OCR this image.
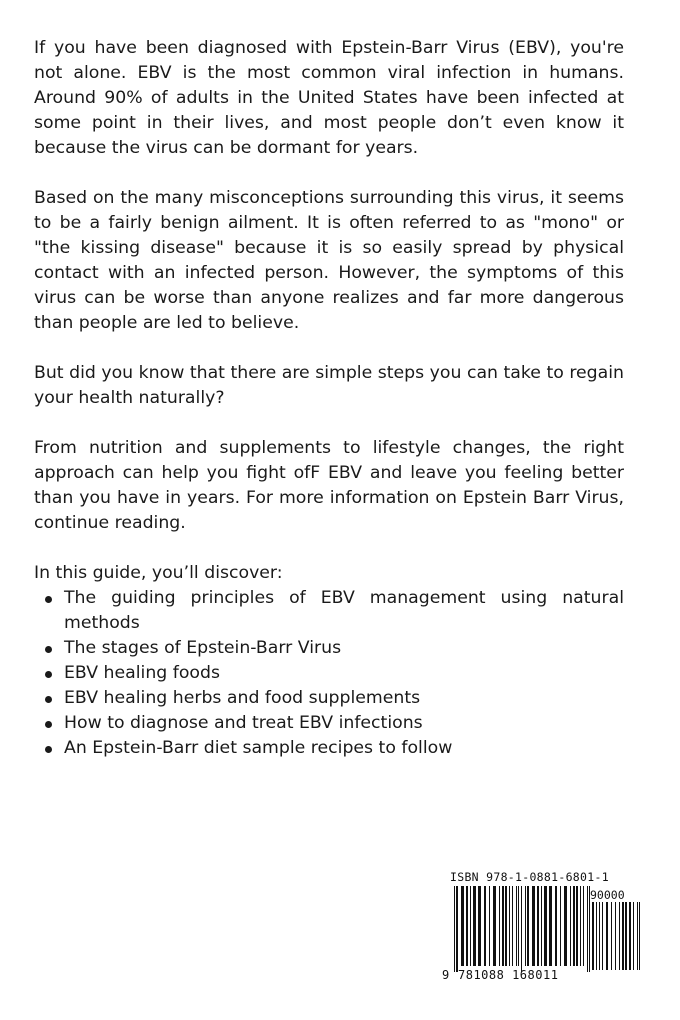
If you have been diagnosed with Epstein-Barr Virus (EBV), you're not alone. EBV is the most common viral infection in humans. Around 90% of adults in the United States have been infected at some point in their lives, and most people don’t even know it because the virus can be dormant for years.

Based on the many misconceptions surrounding this virus, it seems to be a fairly benign ailment. It is often referred to as "mono" or "the kissing disease" because it is so easily spread by physical contact with an infected person. However, the symptoms of this virus can be worse than anyone realizes and far more dangerous than people are led to believe.

But did you know that there are simple steps you can take to regain your health naturally?

From nutrition and supplements to lifestyle changes, the right approach can help you fight ofF EBV and leave you feeling better than you have in years. For more information on Epstein Barr Virus, continue reading.

In this guide, you’ll discover:

The guiding principles of EBV management using natural methods
The stages of Epstein-Barr Virus
EBV healing foods
EBV healing herbs and food supplements
How to diagnose and treat EBV infections
An Epstein-Barr diet sample recipes to follow
ISBN 978-1-0881-6801-1
90000
9 781088 168011
